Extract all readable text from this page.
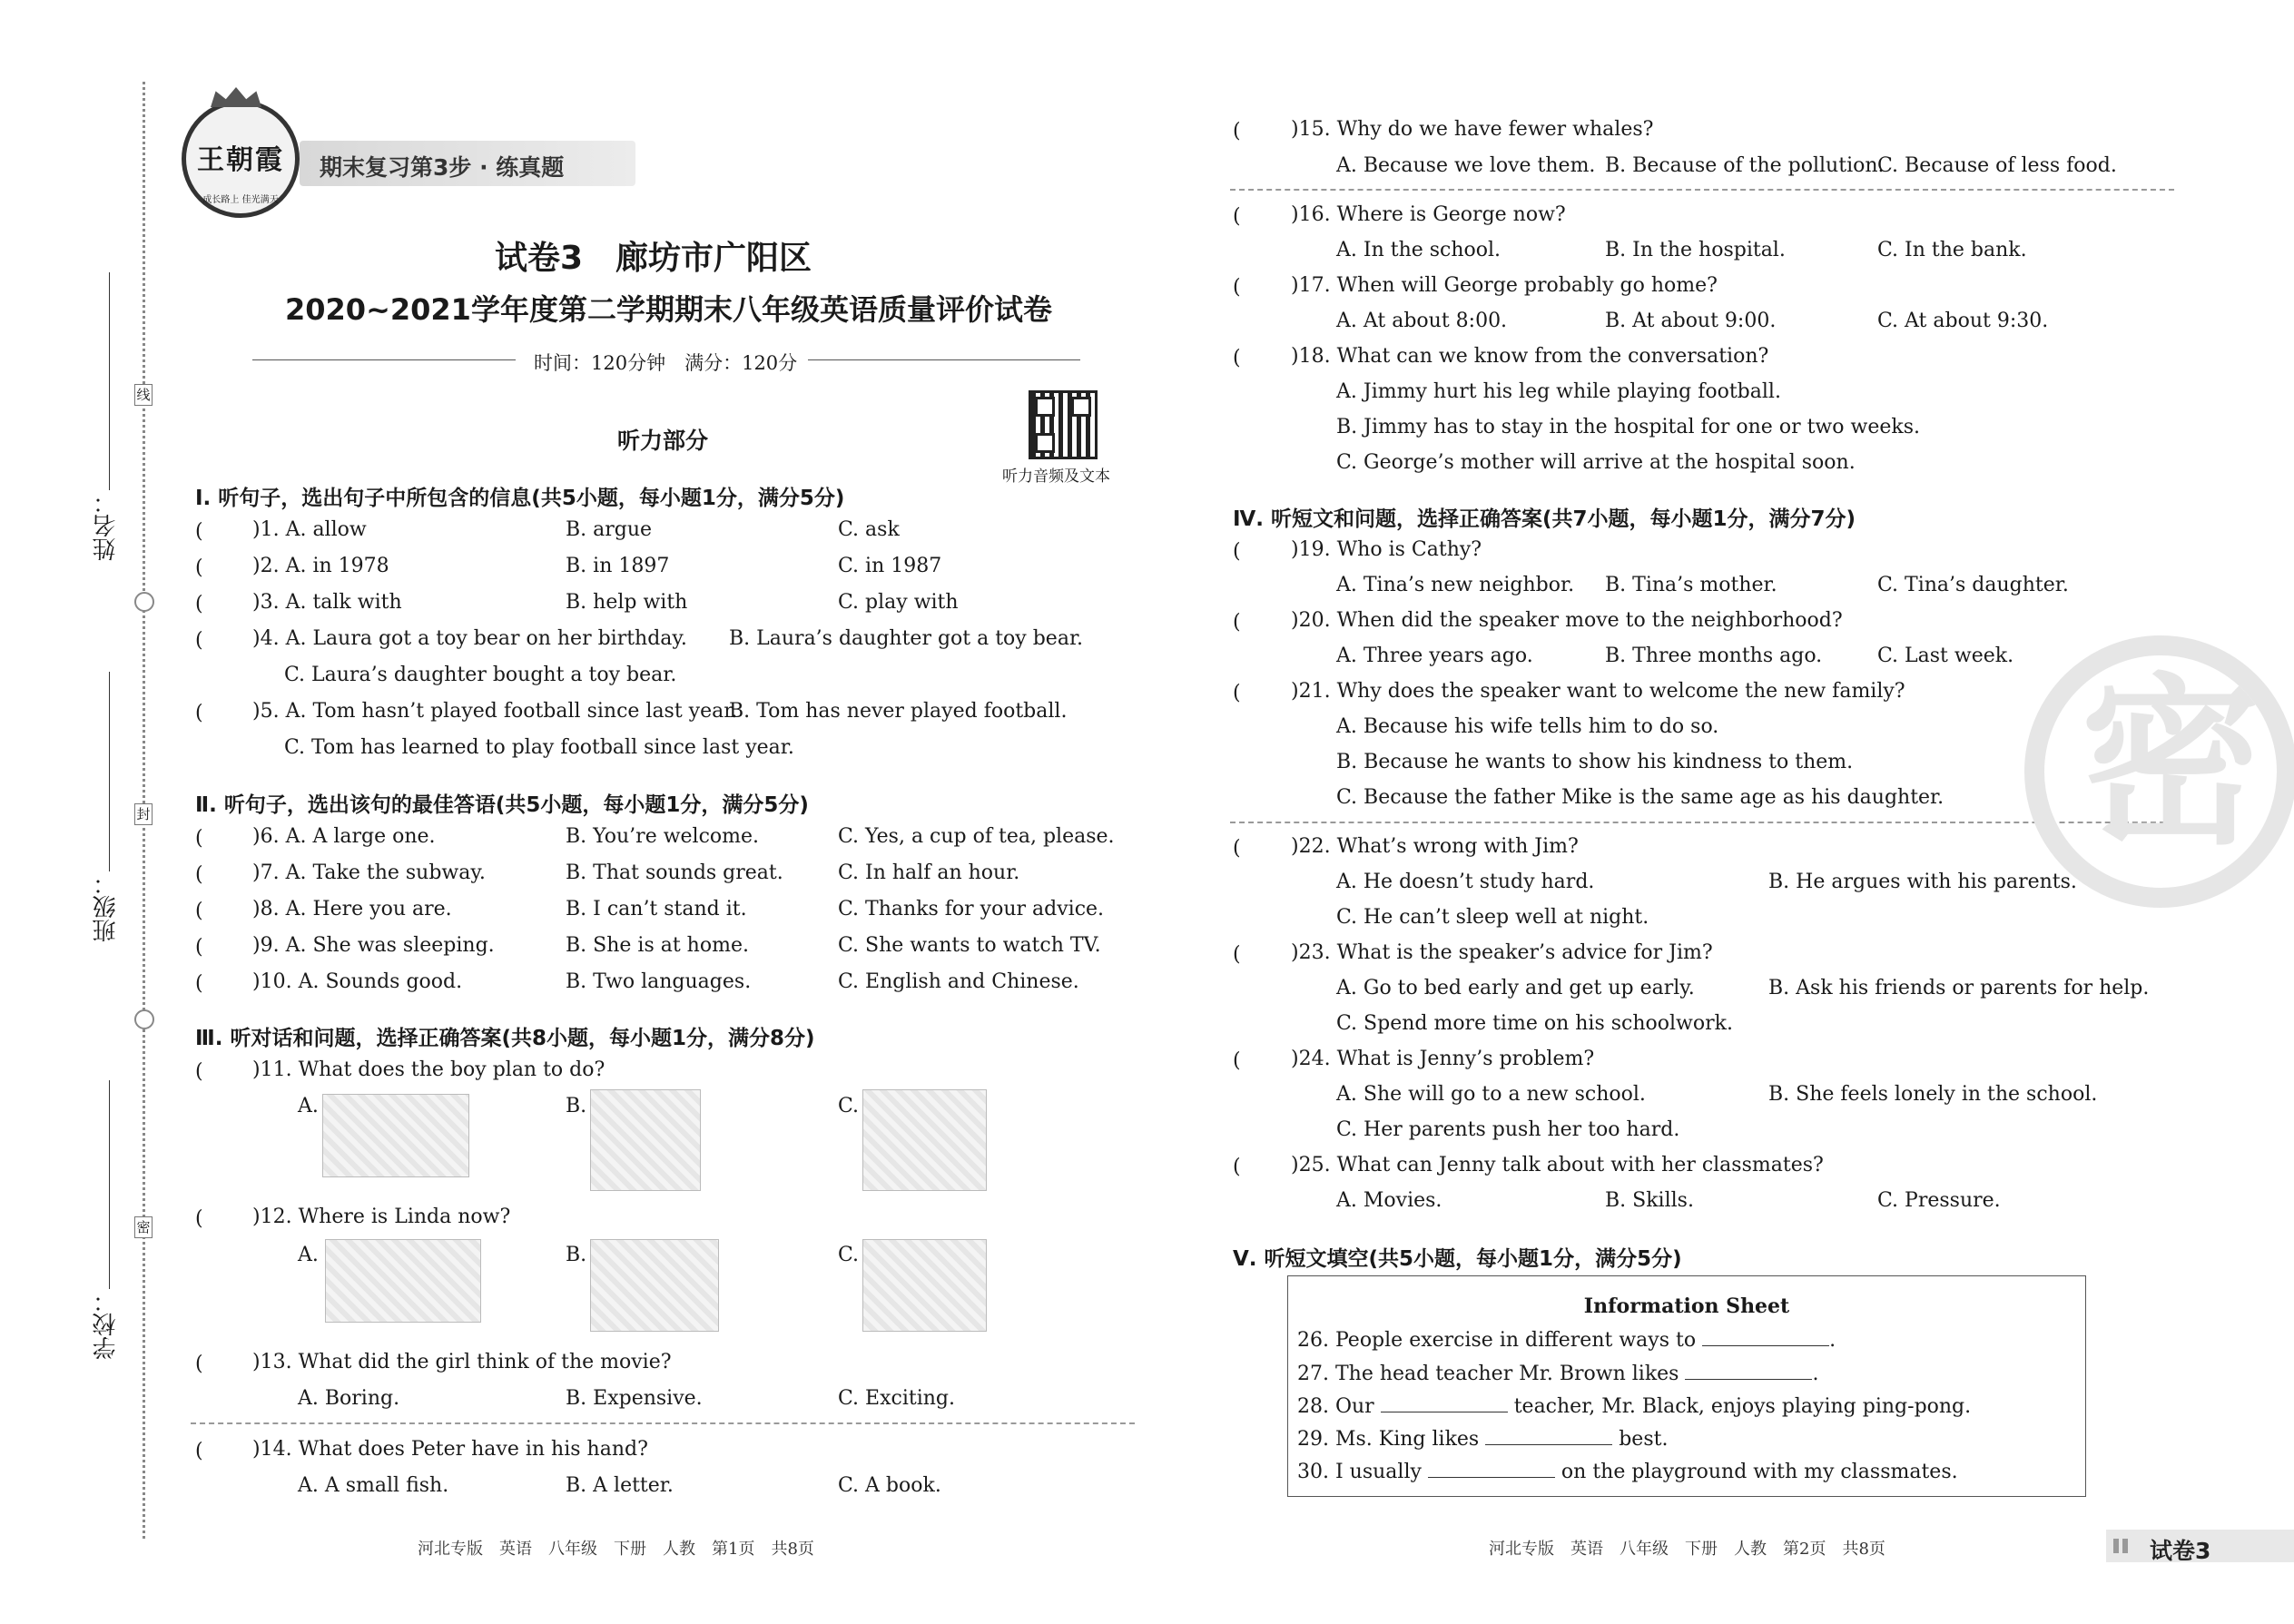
姓名：
班级：
学校：
线
封
密
王朝霞
成长路上 佳光满天
期末复习第3步 · 练真题
试卷3　廊坊市广阳区
2020~2021学年度第二学期期末八年级英语质量评价试卷
时间：120分钟　满分：120分
听力部分
听力音频及文本
Ⅰ. 听句子，选出句子中所包含的信息(共5小题，每小题1分，满分5分)
( )1. A. allow	B. argue	C. ask
( )2. A. in 1978	B. in 1897	C. in 1987
( )3. A. talk with	B. help with	C. play with
( )4. A. Laura got a toy bear on her birthday. B. Laura’s daughter got a toy bear.
C. Laura’s daughter bought a toy bear.
( )5. A. Tom hasn’t played football since last year.
B. Tom has never played football.
C. Tom has learned to play football since last year.
Ⅱ. 听句子，选出该句的最佳答语(共5小题，每小题1分，满分5分)
( )6. A. A large one.	B. You’re welcome.	C. Yes, a cup of tea, please.
( )7. A. Take the subway.	B. That sounds great.	C. In half an hour.
( )8. A. Here you are.	B. I can’t stand it.	C. Thanks for your advice.
( )9. A. She was sleeping.	B. She is at home.	C. She wants to watch TV.
( )10. A. Sounds good.	B. Two languages.	C. English and Chinese.
Ⅲ. 听对话和问题，选择正确答案(共8小题，每小题1分，满分8分)
( )11. What does the boy plan to do?
A.	B.	C.
( )12. Where is Linda now?
A.	B.	C.
( )13. What did the girl think of the movie?
A. Boring.	B. Expensive.	C. Exciting.
( )14. What does Peter have in his hand?
A. A small fish.	B. A letter.	C. A book.
河北专版　英语　八年级　下册　人教　第1页　共8页
(	)15. Why do we have fewer whales?
A. Because we love them. B. Because of the pollution.
C. Because of less food.
(	)16. Where is George now?
A. In the school.	B. In the hospital.	C. In the bank.
(	)17. When will George probably go home?
A. At about 8:00.	B. At about 9:00.	C. At about 9:30.
(	)18. What can we know from the conversation?
A. Jimmy hurt his leg while playing football.
B. Jimmy has to stay in the hospital for one or two weeks.
C. George’s mother will arrive at the hospital soon.
Ⅳ. 听短文和问题，选择正确答案(共7小题，每小题1分，满分7分)
(	)19. Who is Cathy?
A. Tina’s new neighbor. B. Tina’s mother.	C. Tina’s daughter.
(	)20. When did the speaker move to the neighborhood?
A. Three years ago.	B. Three months ago.	C. Last week.
(	)21. Why does the speaker want to welcome the new family?
A. Because his wife tells him to do so.
B. Because he wants to show his kindness to them.
C. Because the father Mike is the same age as his daughter.
(	)22. What’s wrong with Jim?
A. He doesn’t study hard.	B. He argues with his parents.
C. He can’t sleep well at night.
(	)23. What is the speaker’s advice for Jim?
A. Go to bed early and get up early.	B. Ask his friends or parents for help.
C. Spend more time on his schoolwork.
(	)24. What is Jenny’s problem?
A. She will go to a new school.	B. She feels lonely in the school.
C. Her parents push her too hard.
(	)25. What can Jenny talk about with her classmates?
A. Movies.	B. Skills.	C. Pressure.
Ⅴ. 听短文填空(共5小题，每小题1分，满分5分)
Information Sheet
26. People exercise in different ways to	.
27. The head teacher Mr. Brown likes	.
28. Our	teacher, Mr. Black, enjoys playing ping-pong.
29. Ms. King likes	best.
30. I usually	on the playground with my classmates.
密
河北专版　英语　八年级　下册　人教　第2页　共8页	试卷3
